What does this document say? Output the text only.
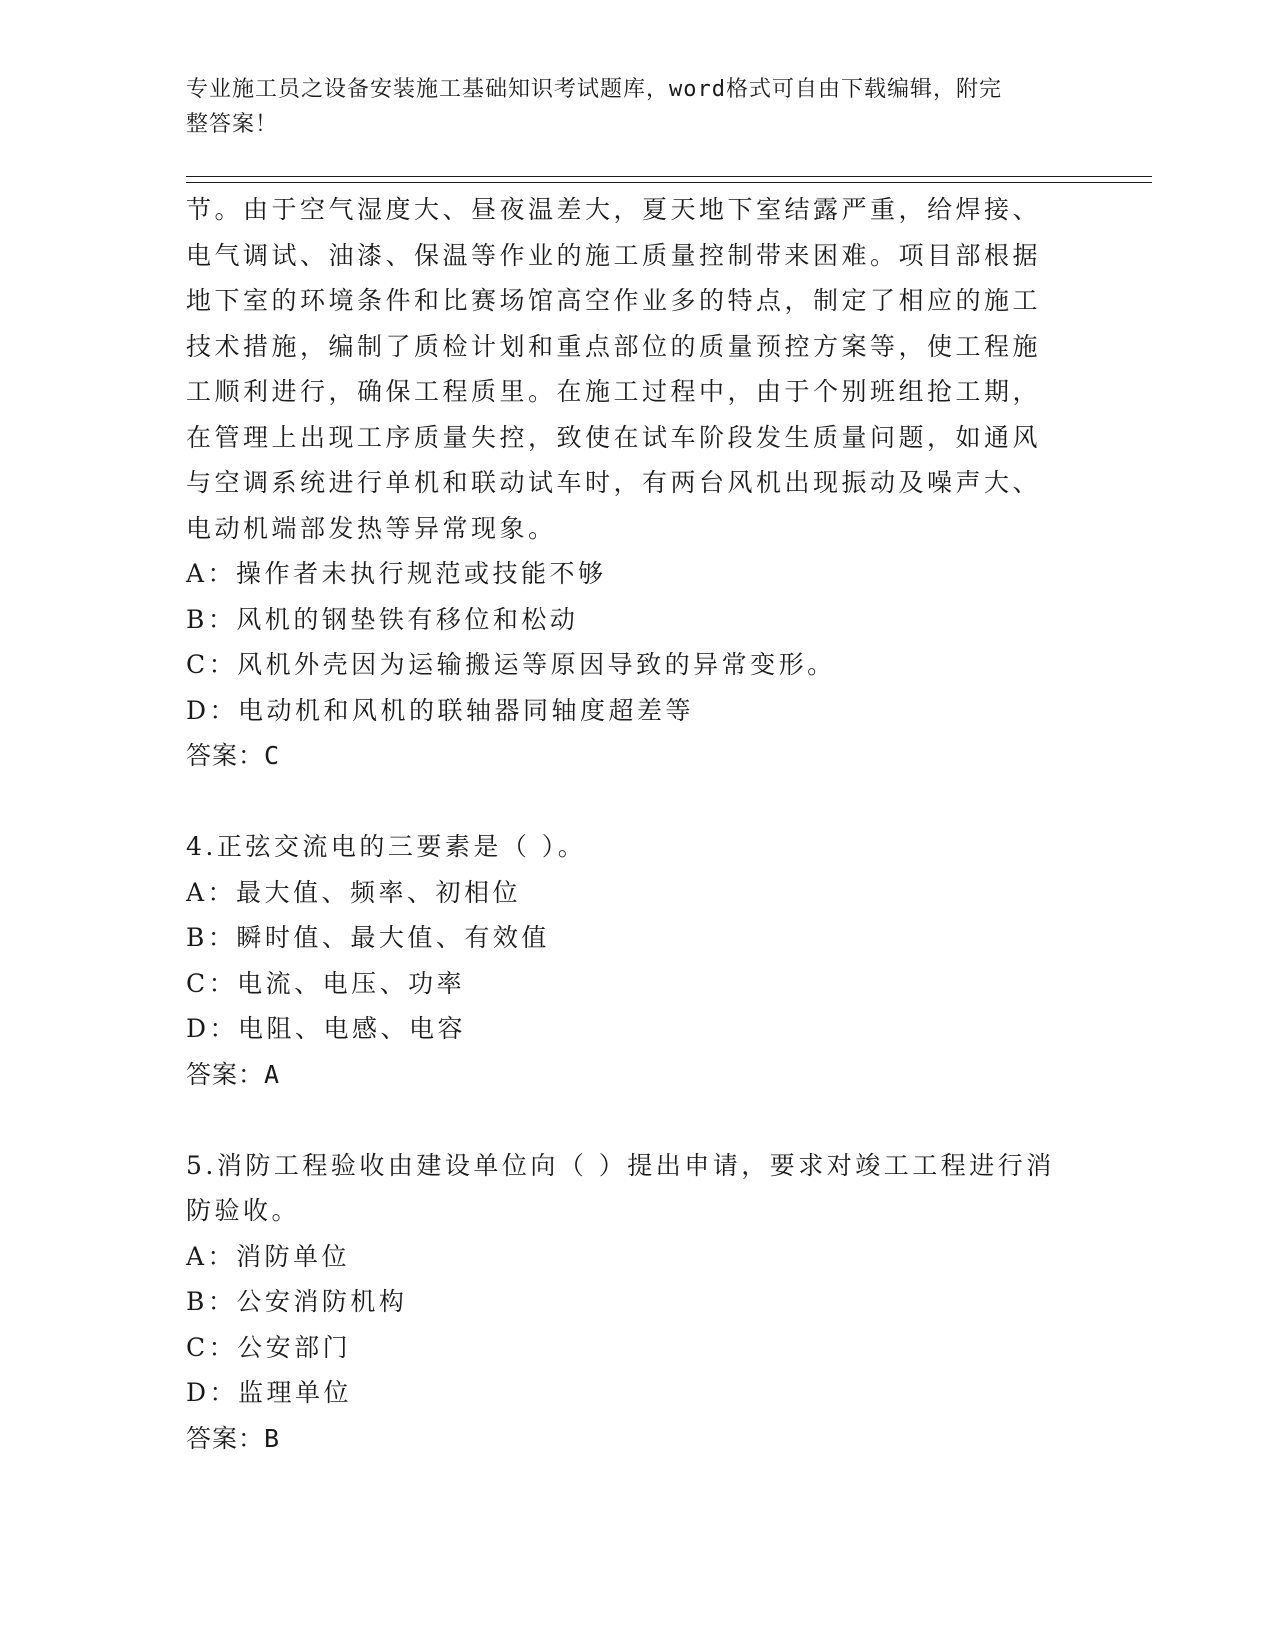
专业施工员之设备安装施工基础知识考试题库，word格式可自由下载编辑，附完
整答案！
节。由于空气湿度大、昼夜温差大，夏天地下室结露严重，给焊接、
电气调试、油漆、保温等作业的施工质量控制带来困难。项目部根据
地下室的环境条件和比赛场馆高空作业多的特点，制定了相应的施工
技术措施，编制了质检计划和重点部位的质量预控方案等，使工程施
工顺利进行，确保工程质里。在施工过程中，由于个别班组抢工期，
在管理上出现工序质量失控，致使在试车阶段发生质量问题，如通风
与空调系统进行单机和联动试车时，有两台风机出现振动及噪声大、
电动机端部发热等异常现象。
A：操作者未执行规范或技能不够
B：风机的钢垫铁有移位和松动
C：风机外壳因为运输搬运等原因导致的异常变形。
D：电动机和风机的联轴器同轴度超差等
答案：C
4.正弦交流电的三要素是（ ）。
A：最大值、频率、初相位
B：瞬时值、最大值、有效值
C：电流、电压、功率
D：电阻、电感、电容
答案：A
5.消防工程验收由建设单位向（ ）提出申请，要求对竣工工程进行消
防验收。
A：消防单位
B：公安消防机构
C：公安部门
D：监理单位
答案：B
